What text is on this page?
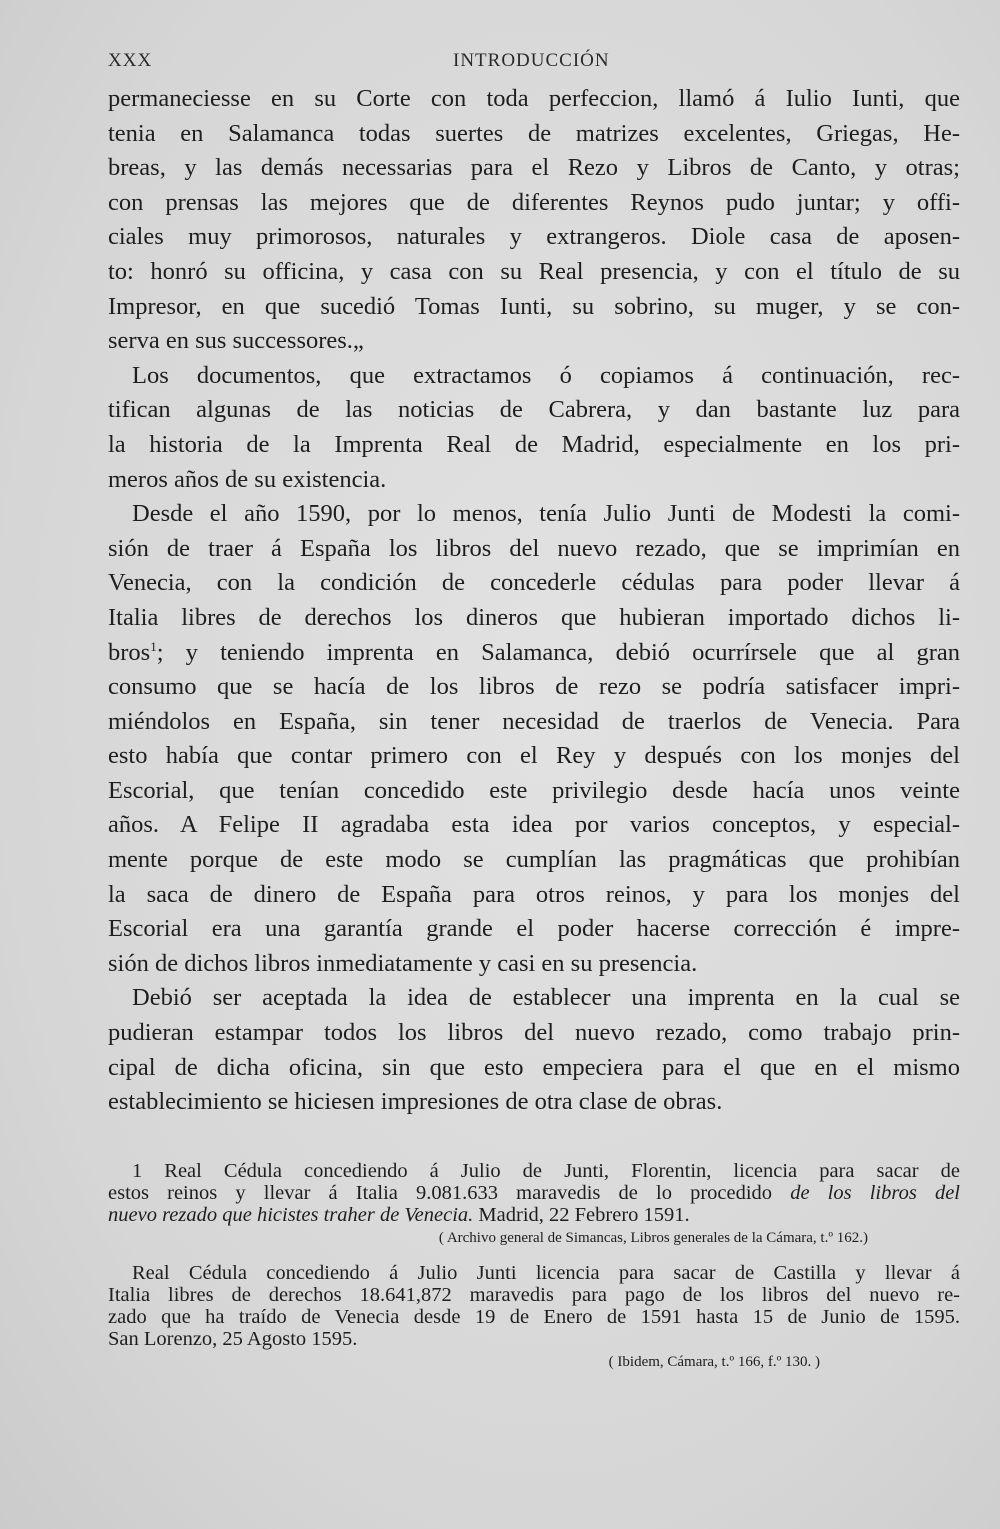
XXX	INTRODUCCIÓN

permaneciesse en su Corte con toda perfeccion, llamó á Iulio Iunti, que
tenia en Salamanca todas suertes de matrizes excelentes, Griegas, He-
breas, y las demás necessarias para el Rezo y Libros de Canto, y otras;
con prensas las mejores que de diferentes Reynos pudo juntar; y offi-
ciales muy primorosos, naturales y extrangeros. Diole casa de aposen-
to: honró su officina, y casa con su Real presencia, y con el título de su
Impresor, en que sucedió Tomas Iunti, su sobrino, su muger, y se con-
serva en sus successores.„

Los documentos, que extractamos ó copiamos á continuación, rec-
tifican algunas de las noticias de Cabrera, y dan bastante luz para
la historia de la Imprenta Real de Madrid, especialmente en los pri-
meros años de su existencia.

Desde el año 1590, por lo menos, tenía Julio Junti de Modesti la comi-
sión de traer á España los libros del nuevo rezado, que se imprimían en
Venecia, con la condición de concederle cédulas para poder llevar á
Italia libres de derechos los dineros que hubieran importado dichos li-
bros$^1$; y teniendo imprenta en Salamanca, debió ocurrírsele que al gran
consumo que se hacía de los libros de rezo se podría satisfacer impri-
miéndolos en España, sin tener necesidad de traerlos de Venecia. Para
esto había que contar primero con el Rey y después con los monjes del
Escorial, que tenían concedido este privilegio desde hacía unos veinte
años. A Felipe II agradaba esta idea por varios conceptos, y especial-
mente porque de este modo se cumplían las pragmáticas que prohibían
la saca de dinero de España para otros reinos, y para los monjes del
Escorial era una garantía grande el poder hacerse corrección é impre-
sión de dichos libros inmediatamente y casi en su presencia.

Debió ser aceptada la idea de establecer una imprenta en la cual se
pudieran estampar todos los libros del nuevo rezado, como trabajo prin-
cipal de dicha oficina, sin que esto empeciera para el que en el mismo
establecimiento se hiciesen impresiones de otra clase de obras.

1 Real Cédula concediendo á Julio de Junti, Florentin, licencia para sacar de
estos reinos y llevar á Italia 9.081.633 maravedis de lo procedido de los libros del
nuevo rezado que hicistes traher de Venecia. Madrid, 22 Febrero 1591.
( Archivo general de Simancas, Libros generales de la Cámara, t.º 162.)
Real Cédula concediendo á Julio Junti licencia para sacar de Castilla y llevar á
Italia libres de derechos 18.641,872 maravedis para pago de los libros del nuevo re-
zado que ha traído de Venecia desde 19 de Enero de 1591 hasta 15 de Junio de 1595.
San Lorenzo, 25 Agosto 1595.
( Ibidem, Cámara, t.º 166, f.º 130. )
